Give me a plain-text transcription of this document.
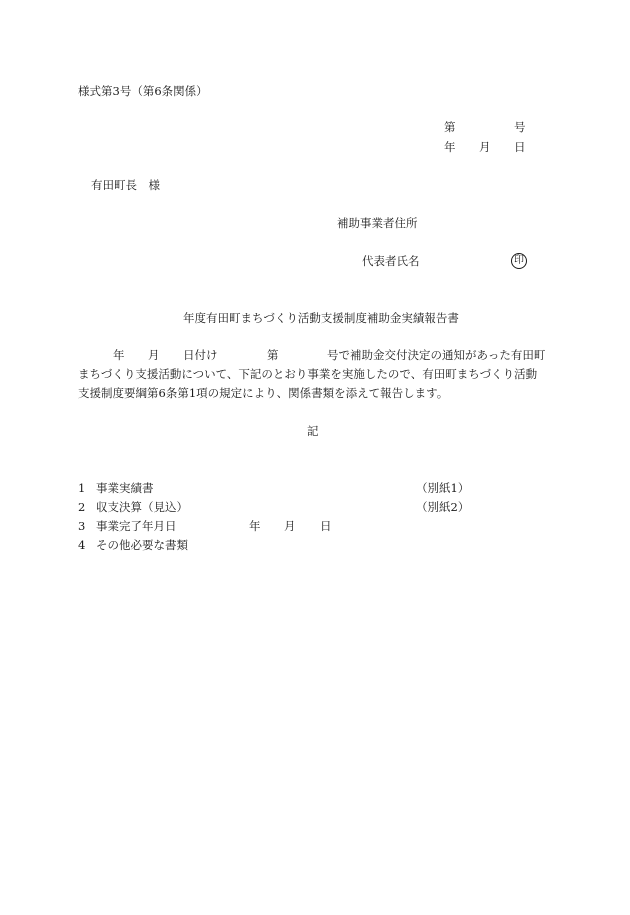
様式第3号（第6条関係）
第	号
年 月 日
有田町長　様
補助事業者住所
代表者氏名	印
年度有田町まちづくり活動支援制度補助金実績報告書
年 月 日付け	第	号で補助金交付決定の通知があった有田町
まちづくり支援活動について、下記のとおり事業を実施したので、有田町まちづくり活動
支援制度要綱第6条第1項の規定により、関係書類を添えて報告します。
記
1 事業実績書	（別紙1）
2 収支決算（見込）	（別紙2）
3 事業完了年月日	年 月 日
4 その他必要な書類
